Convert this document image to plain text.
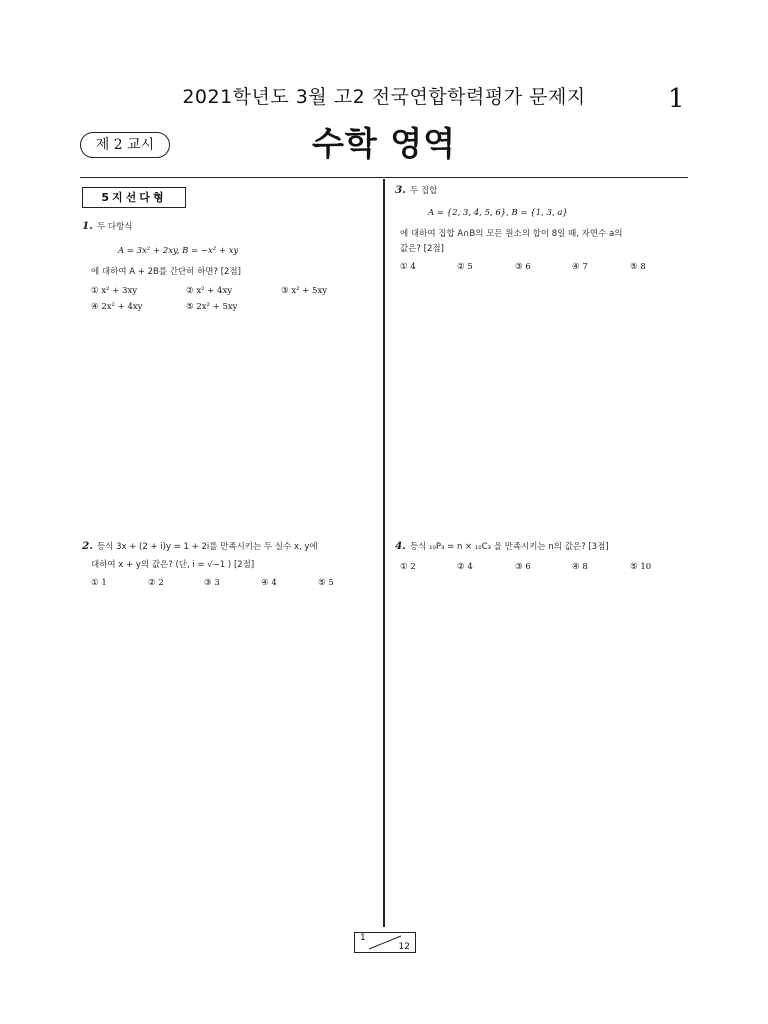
2021학년도 3월 고2 전국연합학력평가 문제지	1
제 2 교시	수학 영역
5지선다형
1. 두 다항식
A = 3x² + 2xy, B = −x² + xy
에 대하여 A + 2B를 간단히 하면? [2점]
① x² + 3xy	② x² + 4xy	③ x² + 5xy
④ 2x² + 4xy	⑤ 2x² + 5xy
2. 등식 3x + (2 + i)y = 1 + 2i를 만족시키는 두 실수 x, y에
대하여 x + y의 값은? (단, i = √−1 ) [2점]
① 1	② 2	③ 3	④ 4	⑤ 5
3. 두 집합
A = {2, 3, 4, 5, 6}, B = {1, 3, a}
에 대하여 집합 A∩B의 모든 원소의 합이 8일 때, 자연수 a의
값은? [2점]
① 4	② 5	③ 6	④ 7	⑤ 8
4. 등식 ₁₀P₃ = n × ₁₀C₃ 을 만족시키는 n의 값은? [3점]
① 2	② 4	③ 6	④ 8	⑤ 10
1
12
